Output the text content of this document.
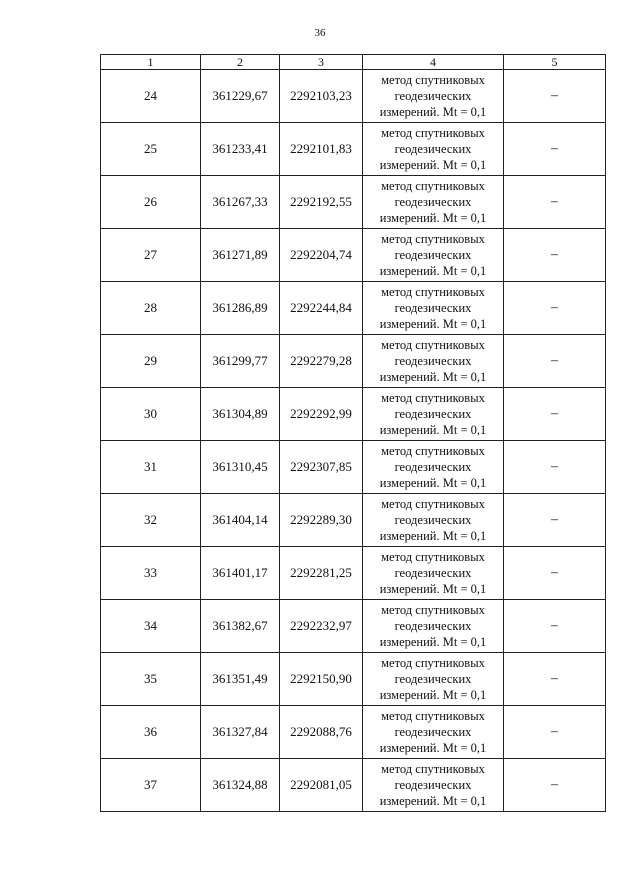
36
1	2	3	4	5
24	361229,67	2292103,23	метод спутниковых
геодезических
измерений. Mt = 0,1	–
25	361233,41	2292101,83	метод спутниковых
геодезических
измерений. Mt = 0,1	–
26	361267,33	2292192,55	метод спутниковых
геодезических
измерений. Mt = 0,1	–
27	361271,89	2292204,74	метод спутниковых
геодезических
измерений. Mt = 0,1	–
28	361286,89	2292244,84	метод спутниковых
геодезических
измерений. Mt = 0,1	–
29	361299,77	2292279,28	метод спутниковых
геодезических
измерений. Mt = 0,1	–
30	361304,89	2292292,99	метод спутниковых
геодезических
измерений. Mt = 0,1	–
31	361310,45	2292307,85	метод спутниковых
геодезических
измерений. Mt = 0,1	–
32	361404,14	2292289,30	метод спутниковых
геодезических
измерений. Mt = 0,1	–
33	361401,17	2292281,25	метод спутниковых
геодезических
измерений. Mt = 0,1	–
34	361382,67	2292232,97	метод спутниковых
геодезических
измерений. Mt = 0,1	–
35	361351,49	2292150,90	метод спутниковых
геодезических
измерений. Mt = 0,1	–
36	361327,84	2292088,76	метод спутниковых
геодезических
измерений. Mt = 0,1	–
37	361324,88	2292081,05	метод спутниковых
геодезических
измерений. Mt = 0,1	–
